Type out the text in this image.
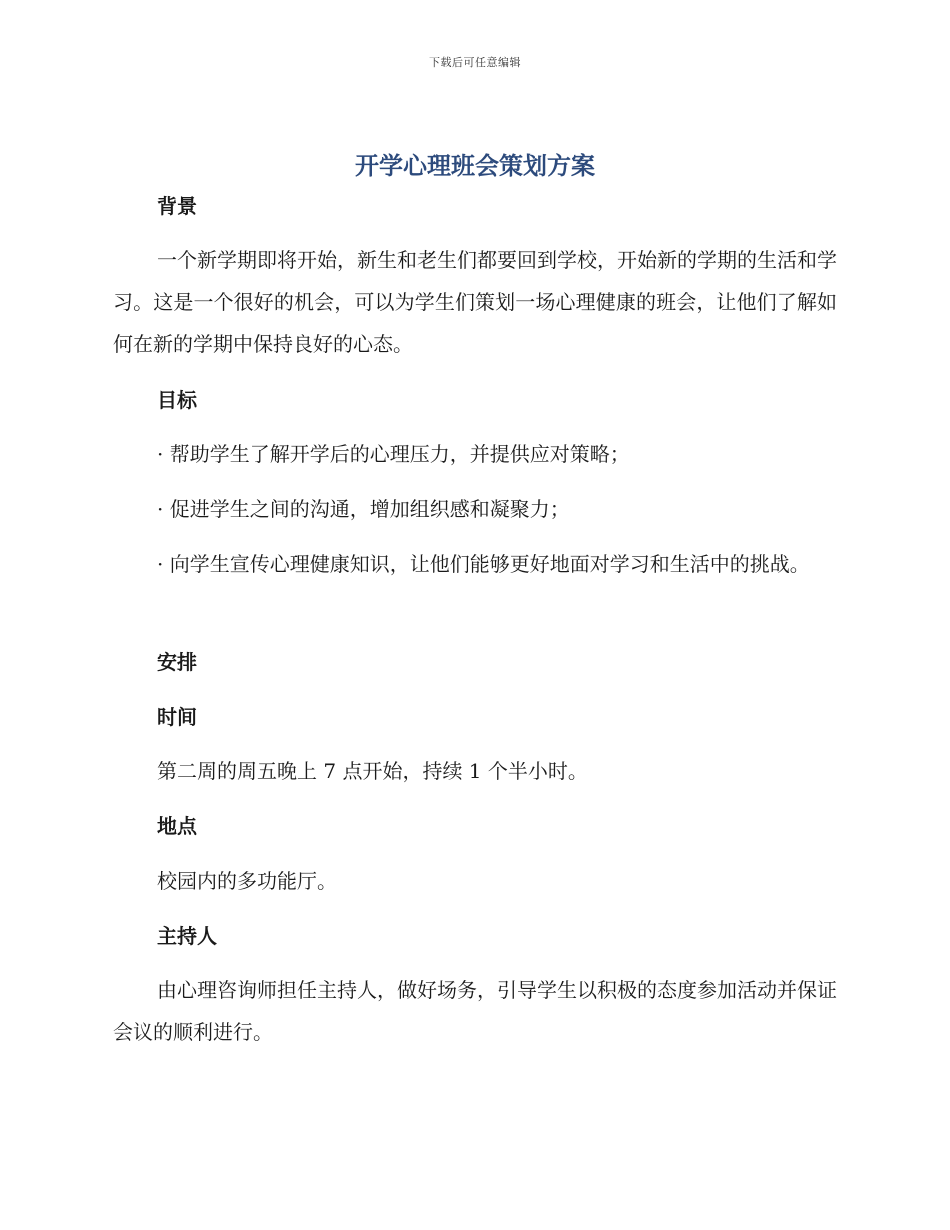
下载后可任意编辑
开学心理班会策划方案
背景

一个新学期即将开始，新生和老生们都要回到学校，开始新的学期的生活和学习。这是一个很好的机会，可以为学生们策划一场心理健康的班会，让他们了解如何在新的学期中保持良好的心态。

目标

· 帮助学生了解开学后的心理压力，并提供应对策略；

· 促进学生之间的沟通，增加组织感和凝聚力；

· 向学生宣传心理健康知识，让他们能够更好地面对学习和生活中的挑战。

安排
时间

第二周的周五晚上 7 点开始，持续 1 个半小时。

地点

校园内的多功能厅。

主持人

由心理咨询师担任主持人，做好场务，引导学生以积极的态度参加活动并保证会议的顺利进行。
